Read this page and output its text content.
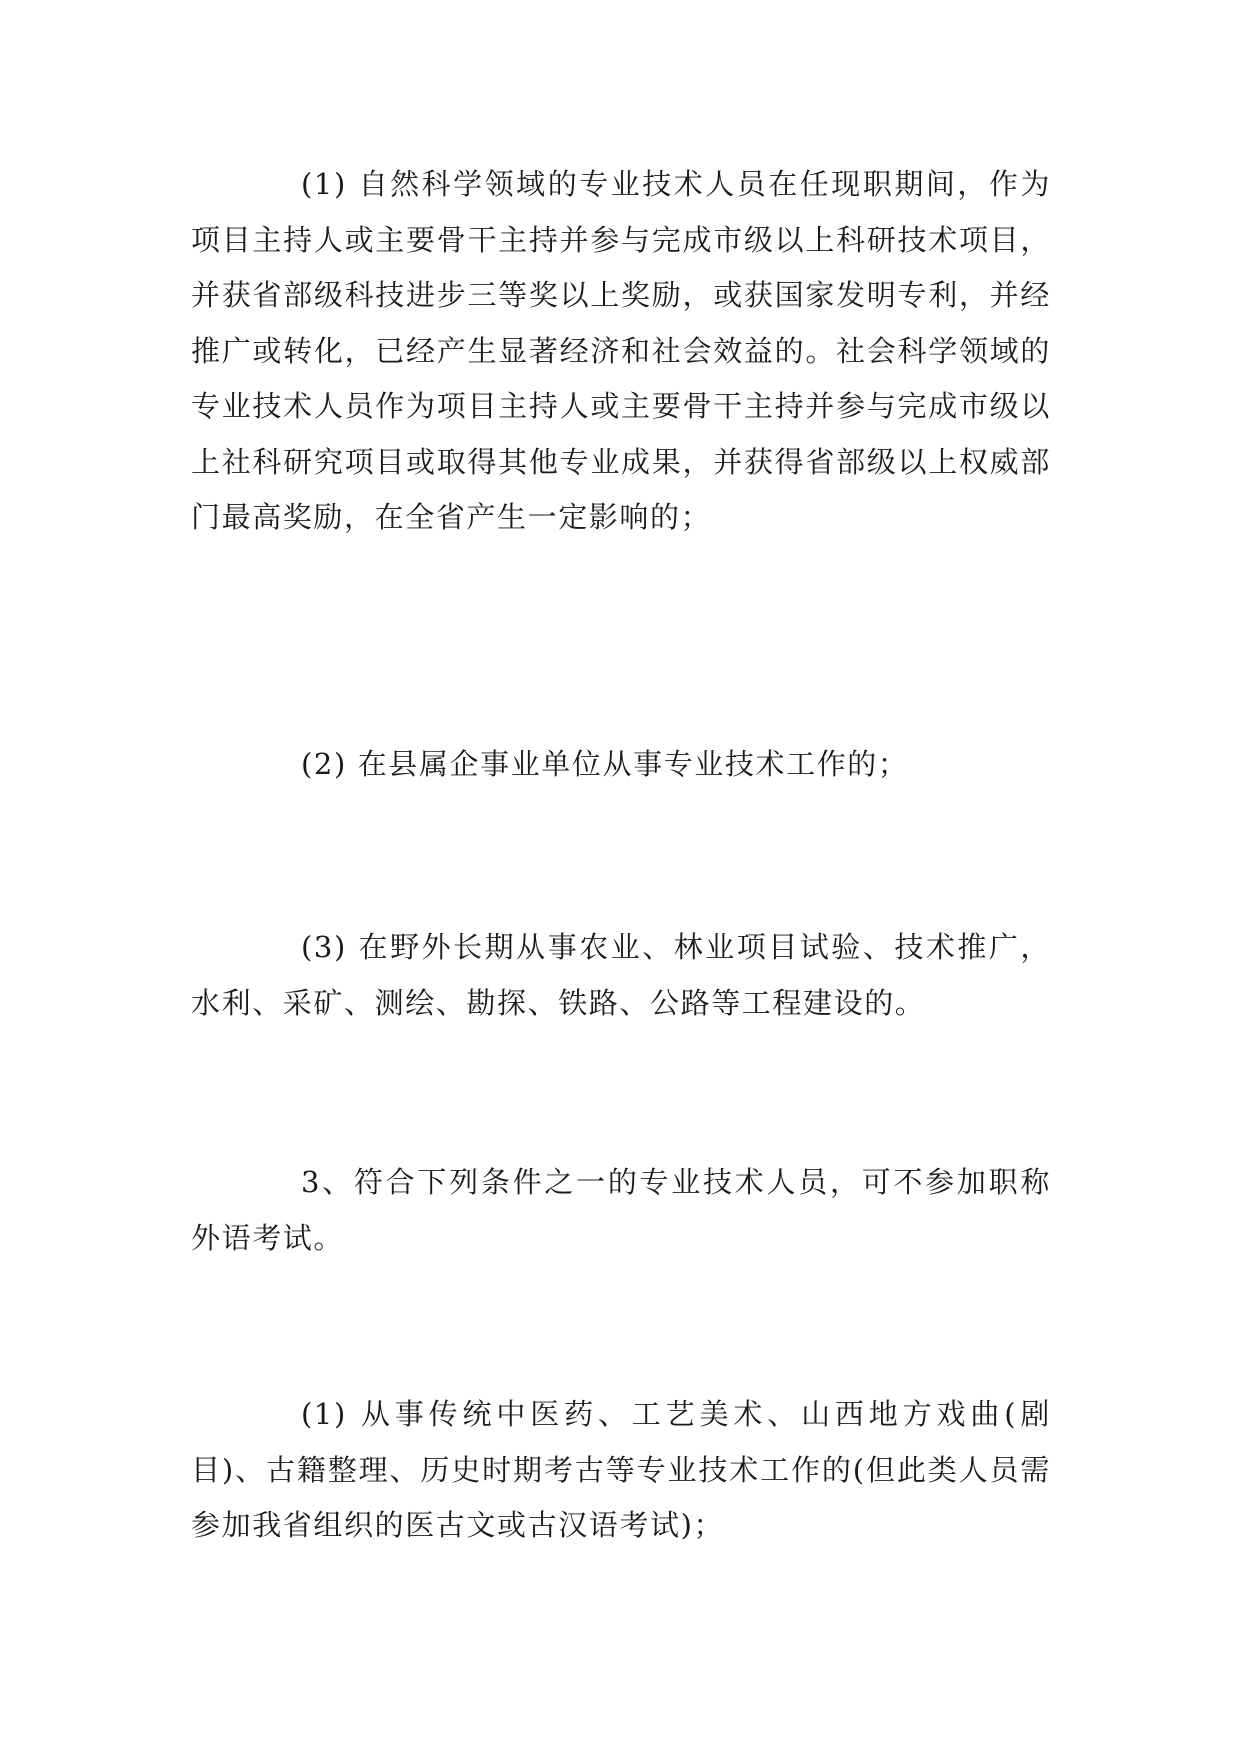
(1) 自然科学领域的专业技术人员在任现职期间，作为项目主持人或主要骨干主持并参与完成市级以上科研技术项目，并获省部级科技进步三等奖以上奖励，或获国家发明专利，并经推广或转化，已经产生显著经济和社会效益的。社会科学领域的专业技术人员作为项目主持人或主要骨干主持并参与完成市级以上社科研究项目或取得其他专业成果，并获得省部级以上权威部门最高奖励，在全省产生一定影响的；

(2) 在县属企事业单位从事专业技术工作的；

(3) 在野外长期从事农业、林业项目试验、技术推广，水利、采矿、测绘、勘探、铁路、公路等工程建设的。

3、符合下列条件之一的专业技术人员，可不参加职称外语考试。

(1) 从事传统中医药、工艺美术、山西地方戏曲(剧目)、古籍整理、历史时期考古等专业技术工作的(但此类人员需参加我省组织的医古文或古汉语考试)；
